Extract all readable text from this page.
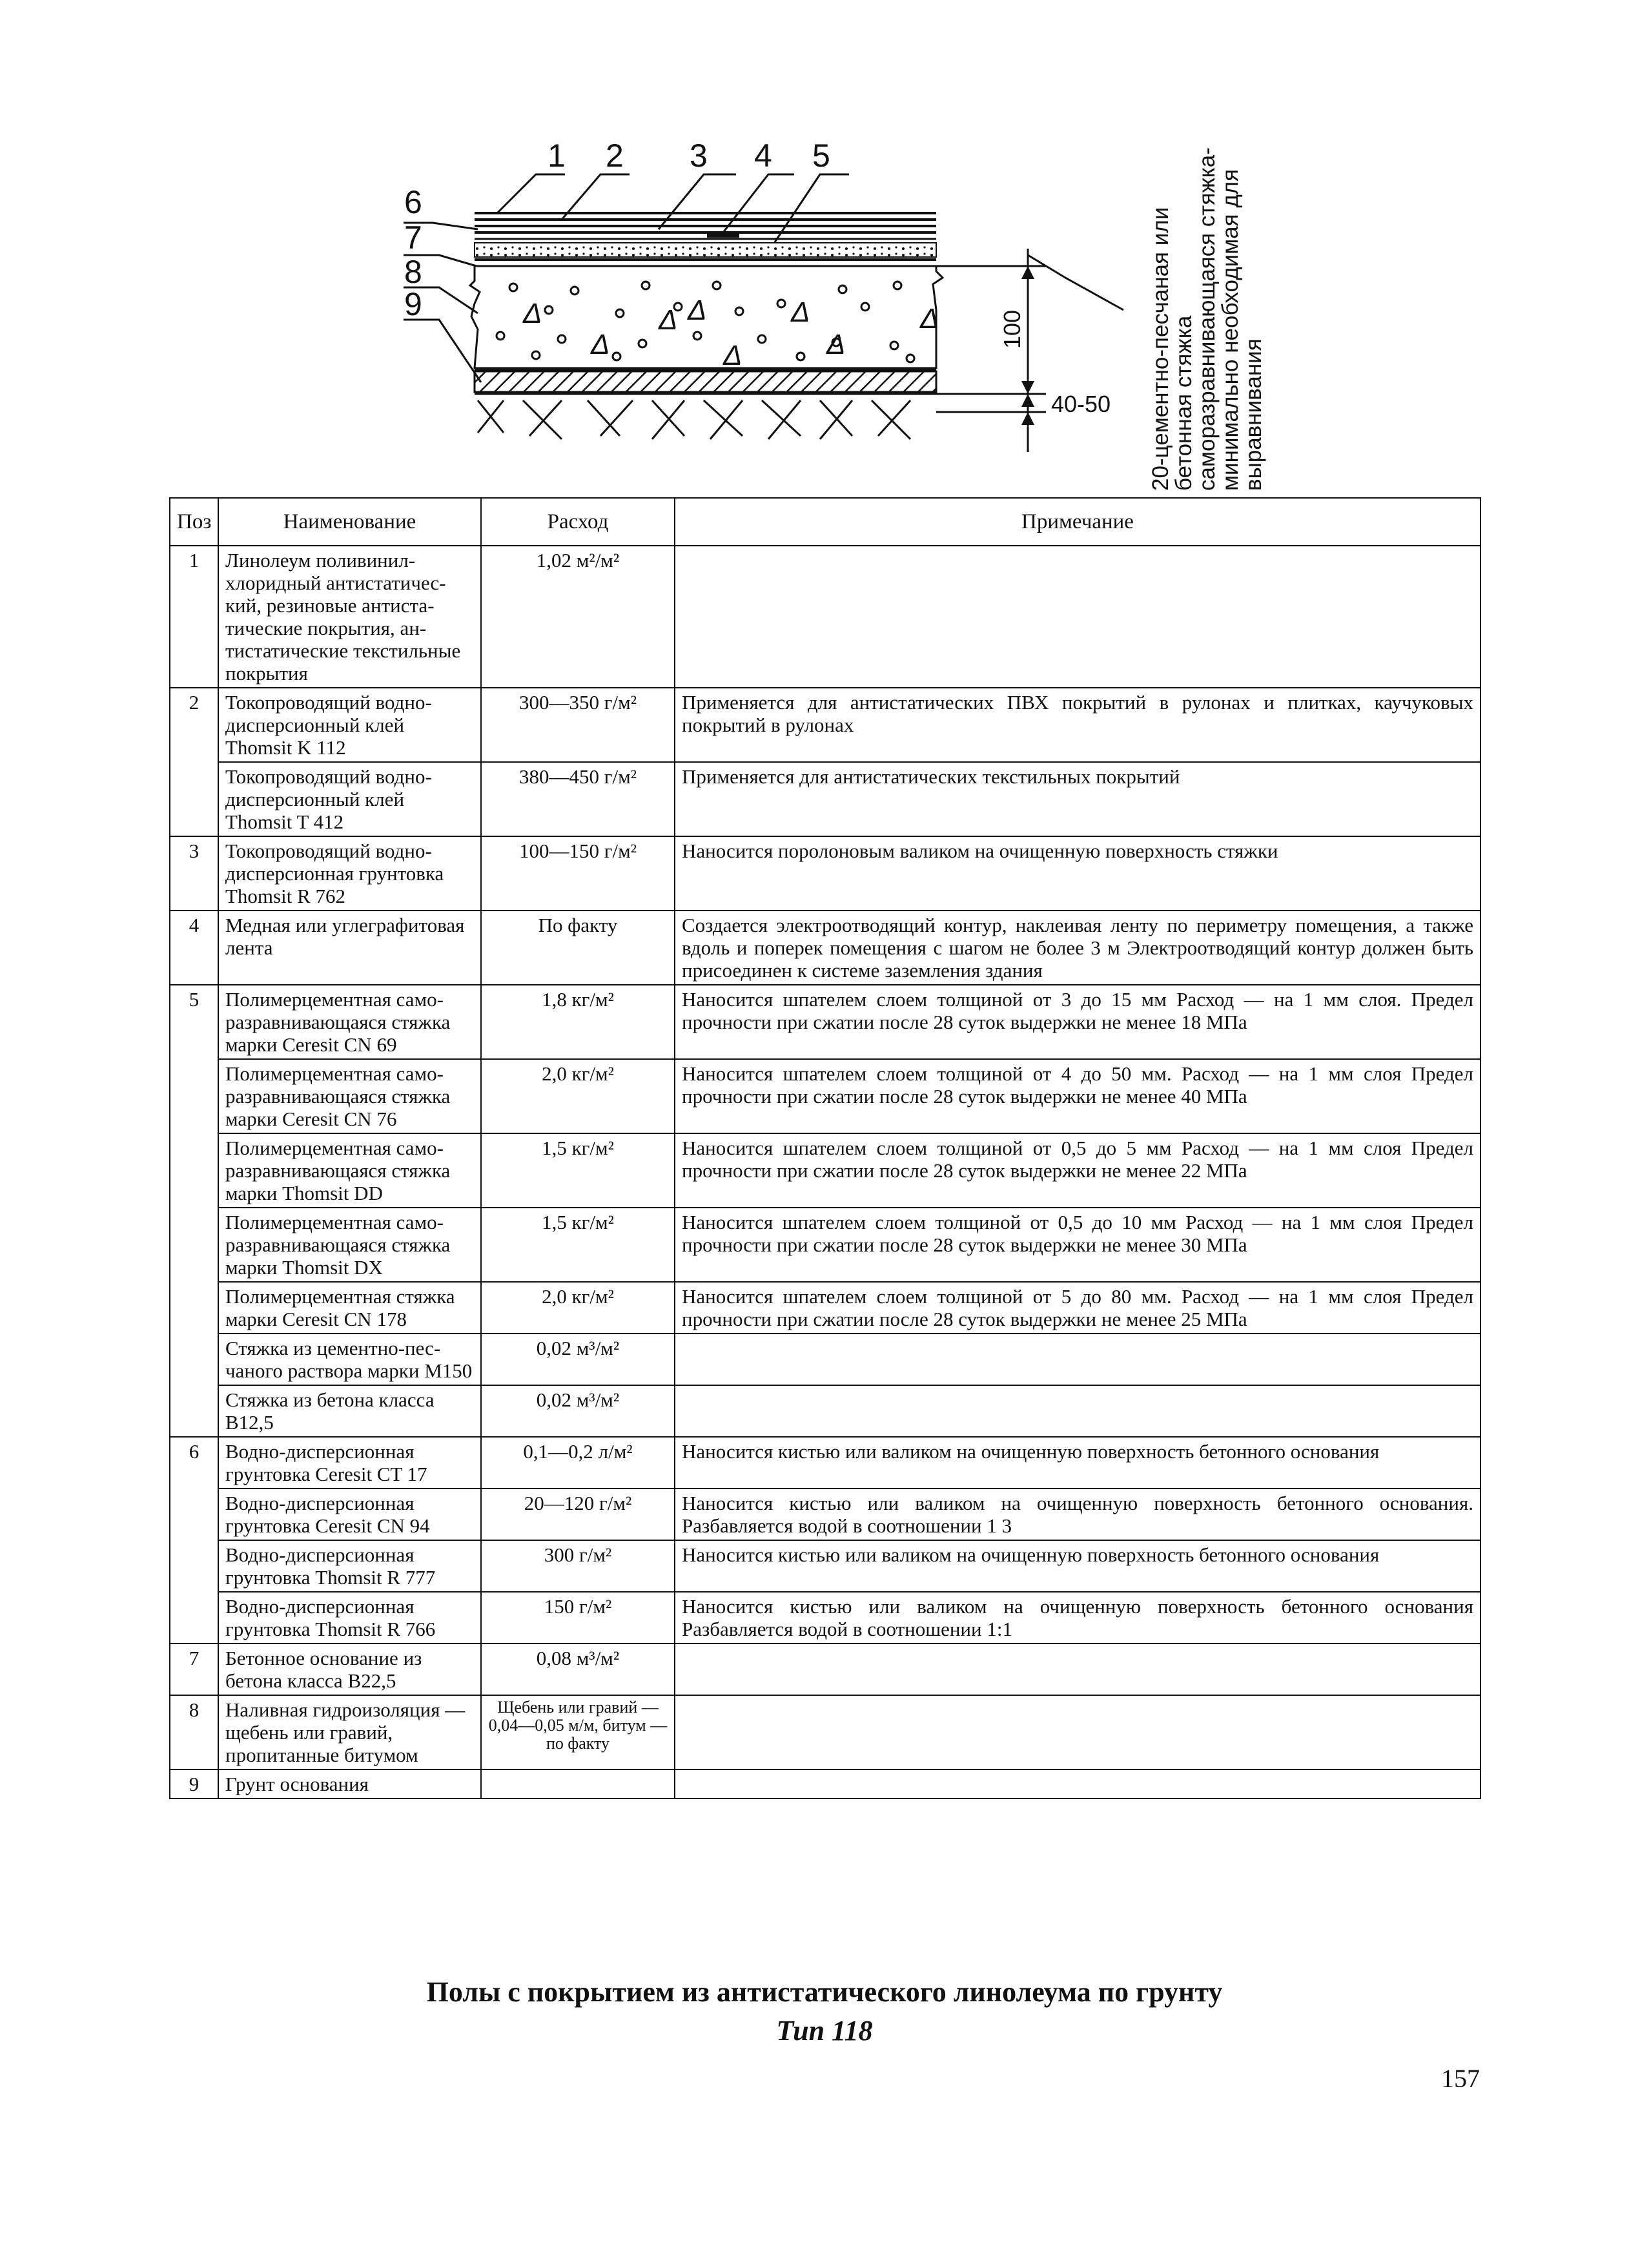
Δ	Δ Δ	Δ	Δ
Δ	Δ
Δ
1 2 3 4 5
6
7
8
9
100
40-50 20-цементно-песчаная или бетонная стяжка саморазравнивающаяся стяжка-минимально необходимая для выравнивания
Поз	Наименование	Расход	Примечание
1	Линолеум поливинилхлоридный антистатический, резиновые антистатические покрытия, антистатические текстильные покрытия	1,02 м²/м²	
2	Токопроводящий воднодисперсионный клей Thomsit K 112	300—350 г/м²	Применяется для антистатических ПВХ покрытий в рулонах и плитках, каучуковых покрытий в рулонах
	Токопроводящий воднодисперсионный клей Thomsit T 412	380—450 г/м²	Применяется для антистатических текстильных покрытий
3	Токопроводящий воднодисперсионная грунтовка Thomsit R 762	100—150 г/м²	Наносится поролоновым валиком на очищенную поверхность стяжки
4	Медная или углеграфитовая лента	По факту	Создается электроотводящий контур, наклеивая ленту по периметру помещения, а также вдоль и поперек помещения с шагом не более 3 м Электроотводящий контур должен быть присоединен к системе заземления здания
5	Полимерцементная саморазравнивающаяся стяжка марки Ceresit CN 69	1,8 кг/м²	Наносится шпателем слоем толщиной от 3 до 15 мм Расход — на 1 мм слоя. Предел прочности при сжатии после 28 суток выдержки не менее 18 МПа
	Полимерцементная саморазравнивающаяся стяжка марки Ceresit CN 76	2,0 кг/м²	Наносится шпателем слоем толщиной от 4 до 50 мм. Расход — на 1 мм слоя Предел прочности при сжатии после 28 суток выдержки не менее 40 МПа
	Полимерцементная саморазравнивающаяся стяжка марки Thomsit DD	1,5 кг/м²	Наносится шпателем слоем толщиной от 0,5 до 5 мм Расход — на 1 мм слоя Предел прочности при сжатии после 28 суток выдержки не менее 22 МПа
	Полимерцементная саморазравнивающаяся стяжка марки Thomsit DX	1,5 кг/м²	Наносится шпателем слоем толщиной от 0,5 до 10 мм Расход — на 1 мм слоя Предел прочности при сжатии после 28 суток выдержки не менее 30 МПа
	Полимерцементная стяжка марки Ceresit CN 178	2,0 кг/м²	Наносится шпателем слоем толщиной от 5 до 80 мм. Расход — на 1 мм слоя Предел прочности при сжатии после 28 суток выдержки не менее 25 МПа
	Стяжка из цементно-песчаного раствора марки М150	0,02 м³/м²	
	Стяжка из бетона класса В12,5	0,02 м³/м²	
6	Водно-дисперсионная грунтовка Ceresit CT 17	0,1—0,2 л/м²	Наносится кистью или валиком на очищенную поверхность бетонного основания
	Водно-дисперсионная грунтовка Ceresit CN 94	20—120 г/м²	Наносится кистью или валиком на очищенную поверхность бетонного основания. Разбавляется водой в соотношении 1 3
	Водно-дисперсионная грунтовка Thomsit R 777	300 г/м²	Наносится кистью или валиком на очищенную поверхность бетонного основания
	Водно-дисперсионная грунтовка Thomsit R 766	150 г/м²	Наносится кистью или валиком на очищенную поверхность бетонного основания Разбавляется водой в соотношении 1:1
7	Бетонное основание из бетона класса В22,5	0,08 м³/м²	
8	Наливная гидроизоляция — щебень или гравий, пропитанные битумом	Щебень или гравий — 0,04—0,05 м/м, битум — по факту	
9	Грунт основания		
Полы с покрытием из антистатического линолеума по грунту
Тип 118
157
